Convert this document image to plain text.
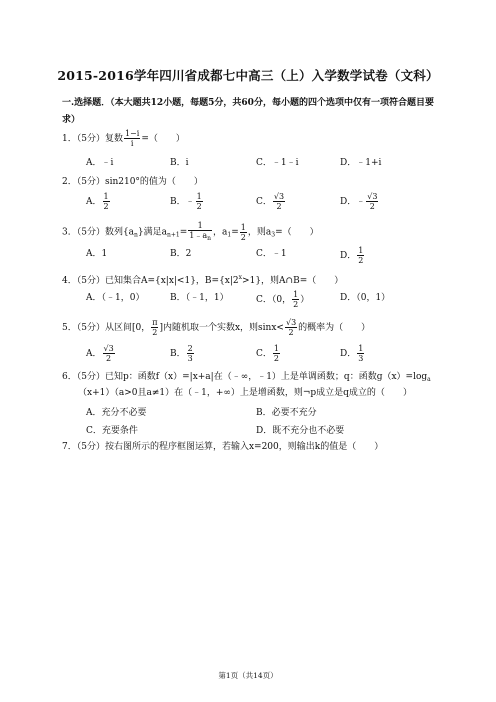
2015-2016学年四川省成都七中高三（上）入学数学试卷（文科）
一.选择题．（本大题共12小题，每题5分，共60分，每小题的四个选项中仅有一项符合题目要求）
1．（5分）复数 $\frac{1-i}{i}$ =（　　）
A．﹣i	B．i	C．﹣1﹣i	D．﹣1+i
2．（5分）sin210°的值为（　　）
A． $\frac{1}{2}$	B．﹣ $\frac{1}{2}$	C． $\frac{√3}{2}$	D．﹣ $\frac{√3}{2}$
3．（5分）数列$\{a_n\}$满足$a_{n+1}= \frac{1}{1﹣a_n}$ ，$a_1= \frac{1}{2}$ ，则$a_3=$（　　）
A．1	B．2	C．﹣1	D． $\frac{1}{2}$
4．（5分）已知集合A={x|x|<1}，$B=\{x|2^x>1\}$，则A∩B=（　　）
A．（﹣1，0）	B．（﹣1，1）	C．（0， $\frac{1}{2}$ ）	D．（0，1）
5．（5分）从区间[0， $\frac{\pi}{2}$ ]内随机取一个实数x，则$\sin x< \frac{√3}{2}$ 的概率为（　　）
A． $\frac{√3}{2}$	B． $\frac{2}{3}$	C． $\frac{1}{2}$	D． $\frac{1}{3}$
6．（5分）已知p：函数f（x）=|x+a|在（﹣∞，﹣1）上是单调函数；q：函数$g(x)=\log_a$
（x+1）（a>0且a≠1）在（﹣1，+∞）上是增函数，则¬p成立是q成立的（　　）
A．充分不必要	B．必要不充分
C．充要条件	D．既不充分也不必要
7．（5分）按右图所示的程序框图运算，若输入x=200，则输出k的值是（　　）
第1页（共14页）
